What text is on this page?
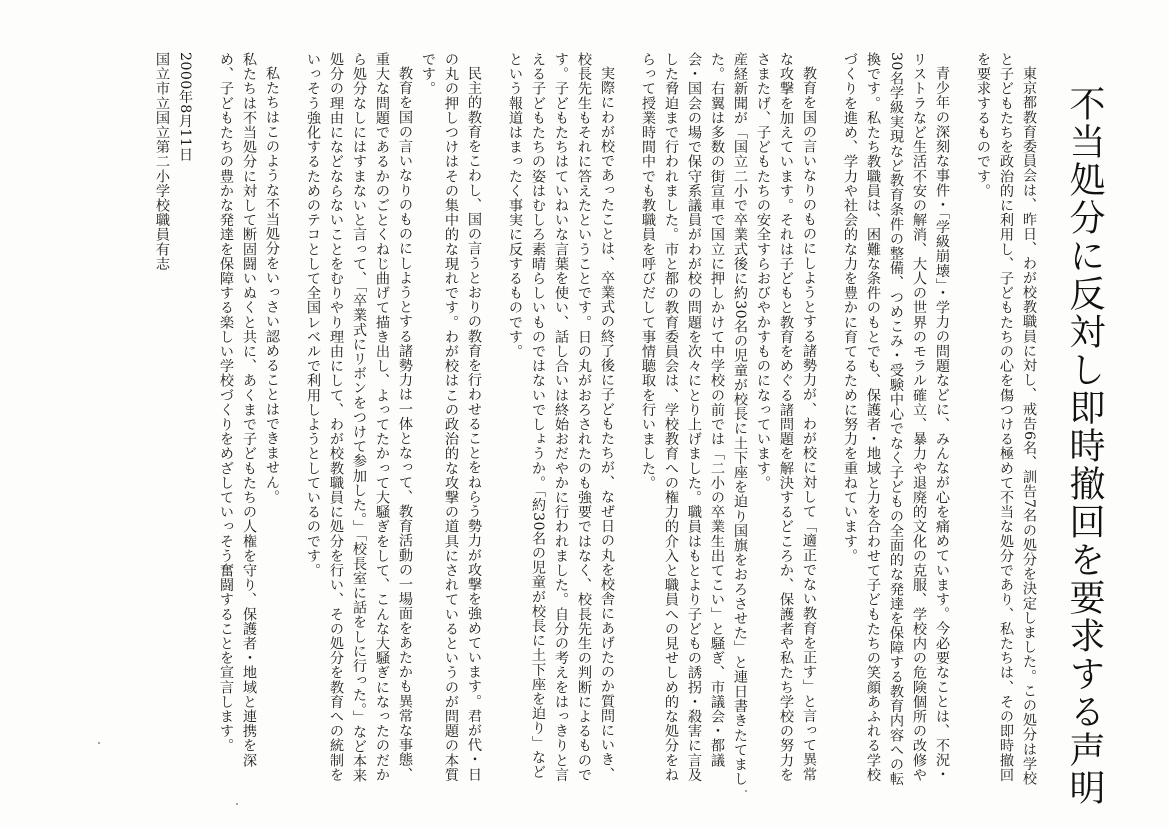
不当処分に反対し即時撤回を要求する声明

東京都教育委員会は、昨日、わが校教職員に対し、戒告6名、訓告7名の処分を決定しました。この処分は学校と子どもたちを政治的に利用し、子どもたちの心を傷つける極めて不当な処分であり、私たちは、その即時撤回を要求するものです。

青少年の深刻な事件・「学級崩壊」・学力の問題などに、みんなが心を痛めています。今必要なことは、不況・リストラなど生活不安の解消、大人の世界のモラル確立、暴力や退廃的文化の克服、学校内の危険個所の改修や30名学級実現など教育条件の整備、つめこみ・受験中心でなく子どもの全面的な発達を保障する教育内容への転換です。私たち教職員は、困難な条件のもとでも、保護者・地域と力を合わせて子どもたちの笑顔あふれる学校づくりを進め、学力や社会的な力を豊かに育てるために努力を重ねています。

教育を国の言いなりのものにしようとする諸勢力が、わが校に対して「適正でない教育を正す」と言って異常な攻撃を加えています。それは子どもと教育をめぐる諸問題を解決するどころか、保護者や私たち学校の努力をさまたげ、子どもたちの安全すらおびやかすものになっています。

産経新聞が「国立二小で卒業式後に約30名の児童が校長に土下座を迫り国旗をおろさせた」と連日書きたてました。右翼は多数の街宣車で国立に押しかけて中学校の前では「二小の卒業生出てこい」と騒ぎ、市議会・都議会・国会の場で保守系議員がわが校の問題を次々にとり上げました。職員はもとより子どもの誘拐・殺害に言及した脅迫まで行われました。市と都の教育委員会は、学校教育への権力的介入と職員への見せしめ的な処分をねらって授業時間中でも教職員を呼びだして事情聴取を行いました。

実際にわが校であったことは、卒業式の終了後に子どもたちが、なぜ日の丸を校舎にあげたのか質問にいき、校長先生もそれに答えたということです。日の丸がおろされたのも強要ではなく、校長先生の判断によるものです。子どもたちはていねいな言葉を使い、話し合いは終始おだやかに行われました。自分の考えをはっきりと言える子どもたちの姿はむしろ素晴らしいものではないでしょうか。「約30名の児童が校長に土下座を迫り」などという報道はまったく事実に反するものです。

民主的教育をこわし、国の言うとおりの教育を行わせることをねらう勢力が攻撃を強めています。君が代・日の丸の押しつけはその集中的な現れです。わが校はこの政治的な攻撃の道具にされているというのが問題の本質です。

教育を国の言いなりのものにしようとする諸勢力は一体となって、教育活動の一場面をあたかも異常な事態、重大な問題であるかのごとくねじ曲げて描き出し、よってたかって大騒ぎをして、こんな大騒ぎになったのだから処分なしにはすまないと言って、「卒業式にリボンをつけて参加した。」「校長室に話をしに行った。」など本来処分の理由になどならないことをむりやり理由にして、わが校教職員に処分を行い、その処分を教育への統制をいっそう強化するためのテコとして全国レベルで利用しようとしているのです。

私たちはこのような不当処分をいっさい認めることはできません。

私たちは不当処分に対して断固闘いぬくと共に、あくまで子どもたちの人権を守り、保護者・地域と連携を深め、子どもたちの豊かな発達を保障する楽しい学校づくりをめざしていっそう奮闘することを宣言します。

2000年8月11日

国立市立国立第二小学校職員有志
